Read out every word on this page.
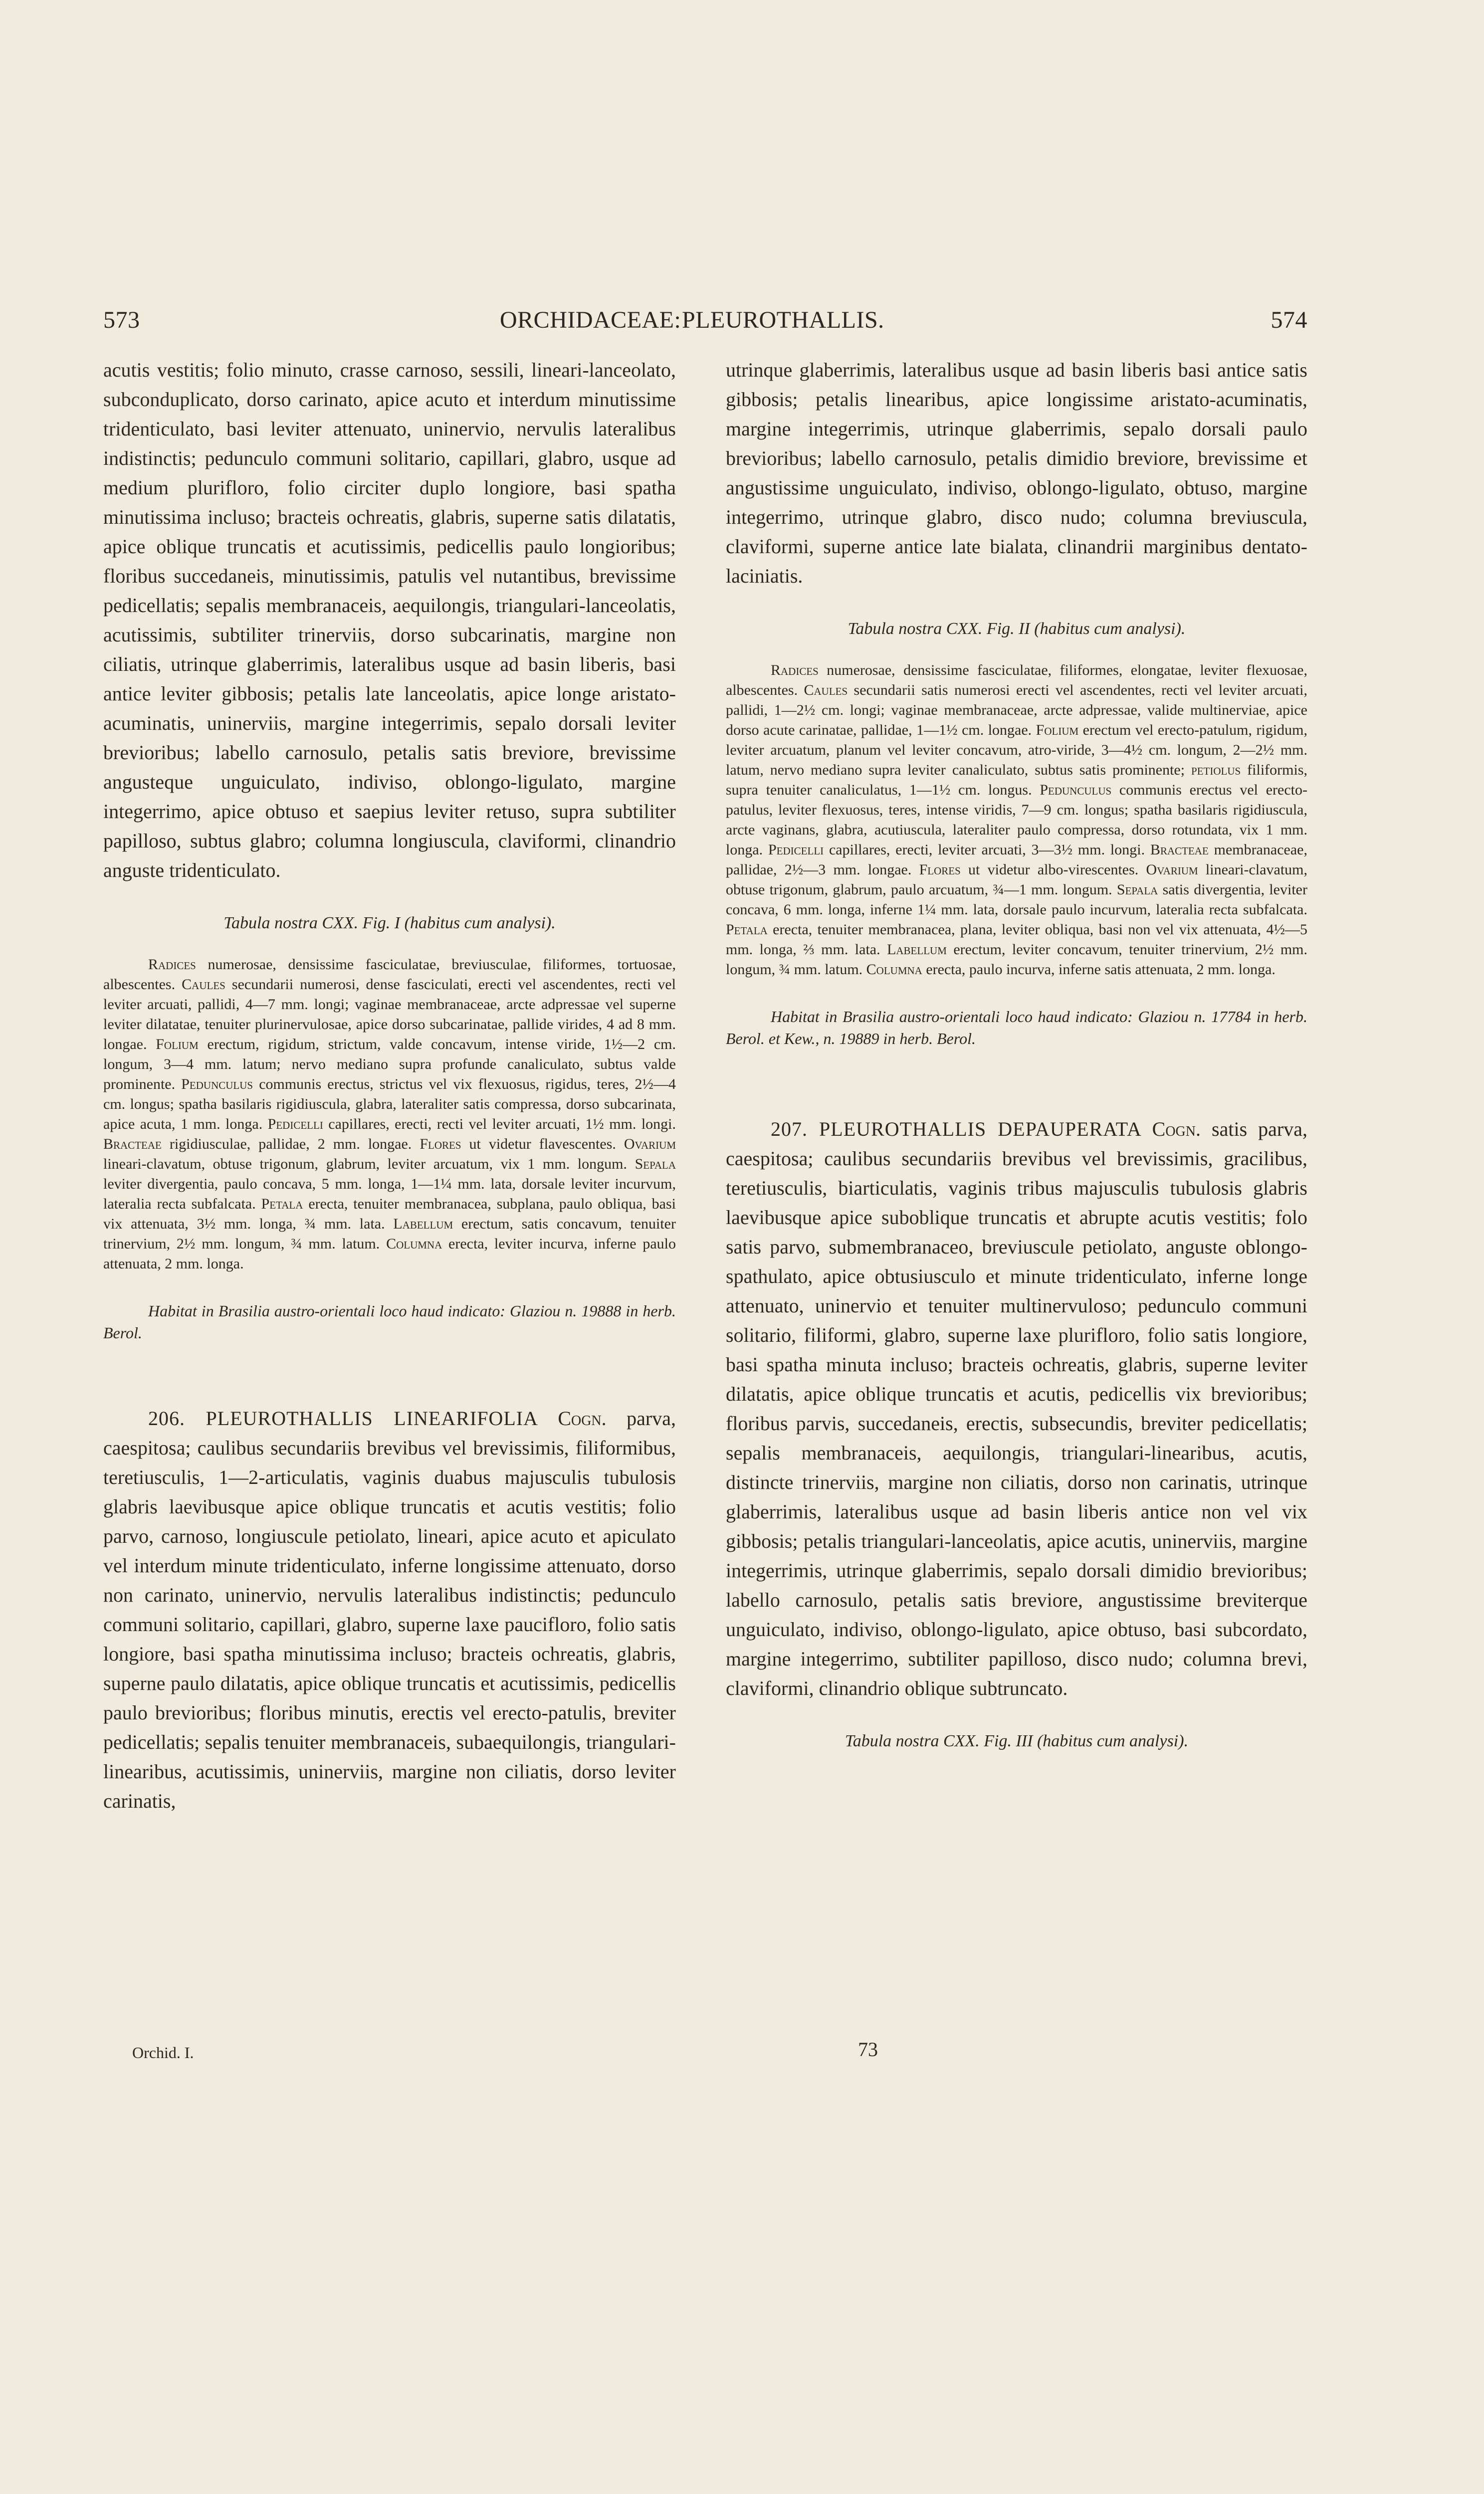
573	ORCHIDACEAE: PLEUROTHALLIS.	574

acutis vestitis; folio minuto, crasse carnoso, sessili, lineari-lanceolato, subconduplicato, dorso carinato, apice acuto et interdum minutissime tridenticulato, basi leviter attenuato, uninervio, nervulis lateralibus indistinctis; pedunculo communi solitario, capillari, glabro, usque ad medium plurifloro, folio circiter duplo longiore, basi spatha minutissima incluso; bracteis ochreatis, glabris, superne satis dilatatis, apice oblique truncatis et acutissimis, pedicellis paulo longioribus; floribus succedaneis, minutissimis, patulis vel nutantibus, brevissime pedicellatis; sepalis membranaceis, aequilongis, triangulari-lanceolatis, acutissimis, subtiliter trinerviis, dorso subcarinatis, margine non ciliatis, utrinque glaberrimis, lateralibus usque ad basin liberis, basi antice leviter gibbosis; petalis late lanceolatis, apice longe aristato-acuminatis, uninerviis, margine integerrimis, sepalo dorsali leviter brevioribus; labello carnosulo, petalis satis breviore, brevissime angusteque unguiculato, indiviso, oblongo-ligulato, margine integerrimo, apice obtuso et saepius leviter retuso, supra subtiliter papilloso, subtus glabro; columna longiuscula, claviformi, clinandrio anguste tridenticulato.

Tabula nostra CXX. Fig. I (habitus cum analysi).

Radices numerosae, densissime fasciculatae, breviusculae, filiformes, tortuosae, albescentes. Caules secundarii numerosi, dense fasciculati, erecti vel ascendentes, recti vel leviter arcuati, pallidi, 4—7 mm. longi; vaginae membranaceae, arcte adpressae vel superne leviter dilatatae, tenuiter plurinervulosae, apice dorso subcarinatae, pallide virides, 4 ad 8 mm. longae. Folium erectum, rigidum, strictum, valde concavum, intense viride, 1½—2 cm. longum, 3—4 mm. latum; nervo mediano supra profunde canaliculato, subtus valde prominente. Pedunculus communis erectus, strictus vel vix flexuosus, rigidus, teres, 2½—4 cm. longus; spatha basilaris rigidiuscula, glabra, lateraliter satis compressa, dorso subcarinata, apice acuta, 1 mm. longa. Pedicelli capillares, erecti, recti vel leviter arcuati, 1½ mm. longi. Bracteae rigidiusculae, pallidae, 2 mm. longae. Flores ut videtur flavescentes. Ovarium lineari-clavatum, obtuse trigonum, glabrum, leviter arcuatum, vix 1 mm. longum. Sepala leviter divergentia, paulo concava, 5 mm. longa, 1—1¼ mm. lata, dorsale leviter incurvum, lateralia recta subfalcata. Petala erecta, tenuiter membranacea, subplana, paulo obliqua, basi vix attenuata, 3½ mm. longa, ¾ mm. lata. Labellum erectum, satis concavum, tenuiter trinervium, 2½ mm. longum, ¾ mm. latum. Columna erecta, leviter incurva, inferne paulo attenuata, 2 mm. longa.

Habitat in Brasilia austro-orientali loco haud indicato: Glaziou n. 19888 in herb. Berol.

206. PLEUROTHALLIS LINEARIFOLIA Cogn. parva, caespitosa; caulibus secundariis brevibus vel brevissimis, filiformibus, teretiusculis, 1—2-articulatis, vaginis duabus majusculis tubulosis glabris laevibusque apice oblique truncatis et acutis vestitis; folio parvo, carnoso, longiuscule petiolato, lineari, apice acuto et apiculato vel interdum minute tridenticulato, inferne longissime attenuato, dorso non carinato, uninervio, nervulis lateralibus indistinctis; pedunculo communi solitario, capillari, glabro, superne laxe paucifloro, folio satis longiore, basi spatha minutissima incluso; bracteis ochreatis, glabris, superne paulo dilatatis, apice oblique truncatis et acutissimis, pedicellis paulo brevioribus; floribus minutis, erectis vel erecto-patulis, breviter pedicellatis; sepalis tenuiter membranaceis, subaequilongis, triangulari-linearibus, acutissimis, uninerviis, margine non ciliatis, dorso leviter carinatis,

Orchid. I.

utrinque glaberrimis, lateralibus usque ad basin liberis basi antice satis gibbosis; petalis linearibus, apice longissime aristato-acuminatis, margine integerrimis, utrinque glaberrimis, sepalo dorsali paulo brevioribus; labello carnosulo, petalis dimidio breviore, brevissime et angustissime unguiculato, indiviso, oblongo-ligulato, obtuso, margine integerrimo, utrinque glabro, disco nudo; columna breviuscula, claviformi, superne antice late bialata, clinandrii marginibus dentato-laciniatis.

Tabula nostra CXX. Fig. II (habitus cum analysi).

Radices numerosae, densissime fasciculatae, filiformes, elongatae, leviter flexuosae, albescentes. Caules secundarii satis numerosi erecti vel ascendentes, recti vel leviter arcuati, pallidi, 1—2½ cm. longi; vaginae membranaceae, arcte adpressae, valide multinerviae, apice dorso acute carinatae, pallidae, 1—1½ cm. longae. Folium erectum vel erecto-patulum, rigidum, leviter arcuatum, planum vel leviter concavum, atro-viride, 3—4½ cm. longum, 2—2½ mm. latum, nervo mediano supra leviter canaliculato, subtus satis prominente; petiolus filiformis, supra tenuiter canaliculatus, 1—1½ cm. longus. Pedunculus communis erectus vel erecto-patulus, leviter flexuosus, teres, intense viridis, 7—9 cm. longus; spatha basilaris rigidiuscula, arcte vaginans, glabra, acutiuscula, lateraliter paulo compressa, dorso rotundata, vix 1 mm. longa. Pedicelli capillares, erecti, leviter arcuati, 3—3½ mm. longi. Bracteae membranaceae, pallidae, 2½—3 mm. longae. Flores ut videtur albo-virescentes. Ovarium lineari-clavatum, obtuse trigonum, glabrum, paulo arcuatum, ¾—1 mm. longum. Sepala satis divergentia, leviter concava, 6 mm. longa, inferne 1¼ mm. lata, dorsale paulo incurvum, lateralia recta subfalcata. Petala erecta, tenuiter membranacea, plana, leviter obliqua, basi non vel vix attenuata, 4½—5 mm. longa, ⅔ mm. lata. Labellum erectum, leviter concavum, tenuiter trinervium, 2½ mm. longum, ¾ mm. latum. Columna erecta, paulo incurva, inferne satis attenuata, 2 mm. longa.

Habitat in Brasilia austro-orientali loco haud indicato: Glaziou n. 17784 in herb. Berol. et Kew., n. 19889 in herb. Berol.

207. PLEUROTHALLIS DEPAUPERATA Cogn. satis parva, caespitosa; caulibus secundariis brevibus vel brevissimis, gracilibus, teretiusculis, biarticulatis, vaginis tribus majusculis tubulosis glabris laevibusque apice suboblique truncatis et abrupte acutis vestitis; folo satis parvo, submembranaceo, breviuscule petiolato, anguste oblongo-spathulato, apice obtusiusculo et minute tridenticulato, inferne longe attenuato, uninervio et tenuiter multinervuloso; pedunculo communi solitario, filiformi, glabro, superne laxe plurifloro, folio satis longiore, basi spatha minuta incluso; bracteis ochreatis, glabris, superne leviter dilatatis, apice oblique truncatis et acutis, pedicellis vix brevioribus; floribus parvis, succedaneis, erectis, subsecundis, breviter pedicellatis; sepalis membranaceis, aequilongis, triangulari-linearibus, acutis, distincte trinerviis, margine non ciliatis, dorso non carinatis, utrinque glaberrimis, lateralibus usque ad basin liberis antice non vel vix gibbosis; petalis triangulari-lanceolatis, apice acutis, uninerviis, margine integerrimis, utrinque glaberrimis, sepalo dorsali dimidio brevioribus; labello carnosulo, petalis satis breviore, angustissime breviterque unguiculato, indiviso, oblongo-ligulato, apice obtuso, basi subcordato, margine integerrimo, subtiliter papilloso, disco nudo; columna brevi, claviformi, clinandrio oblique subtruncato.

Tabula nostra CXX. Fig. III (habitus cum analysi).

73
